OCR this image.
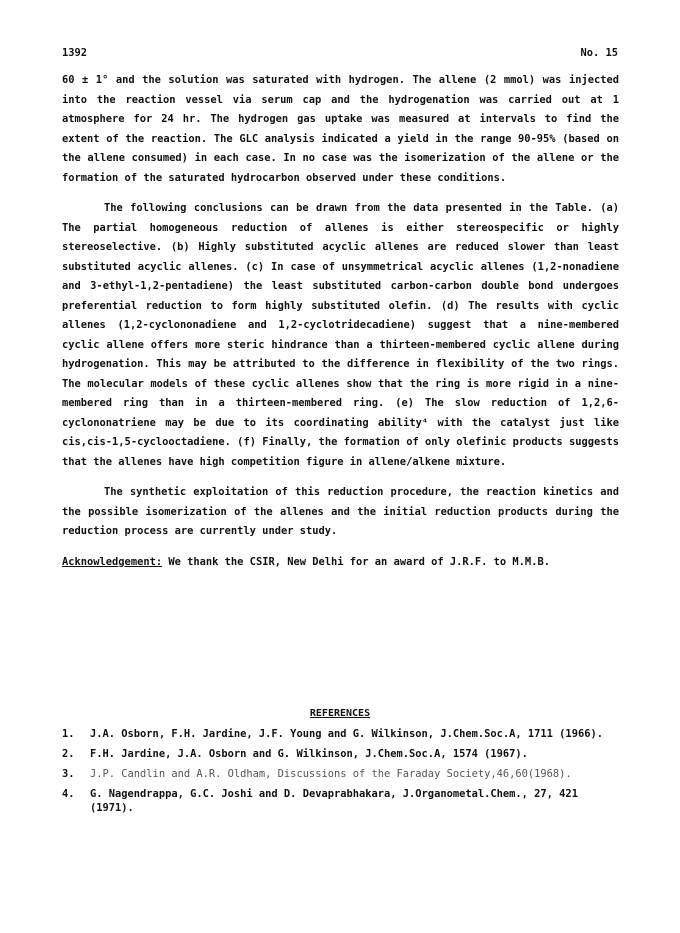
1392	No. 15

60 ± 1° and the solution was saturated with hydrogen. The allene (2 mmol) was injected into the reaction vessel via serum cap and the hydrogenation was carried out at 1 atmosphere for 24 hr. The hydrogen gas uptake was measured at intervals to find the extent of the reaction. The GLC analysis indicated a yield in the range 90-95% (based on the allene consumed) in each case. In no case was the isomerization of the allene or the formation of the saturated hydrocarbon observed under these conditions.

The following conclusions can be drawn from the data presented in the Table. (a) The partial homogeneous reduction of allenes is either stereospecific or highly stereoselective. (b) Highly substituted acyclic allenes are reduced slower than least substituted acyclic allenes. (c) In case of unsymmetrical acyclic allenes (1,2-nonadiene and 3-ethyl-1,2-pentadiene) the least substituted carbon-carbon double bond undergoes preferential reduction to form highly substituted olefin. (d) The results with cyclic allenes (1,2-cyclononadiene and 1,2-cyclotridecadiene) suggest that a nine-membered cyclic allene offers more steric hindrance than a thirteen-membered cyclic allene during hydrogenation. This may be attributed to the difference in flexibility of the two rings. The molecular models of these cyclic allenes show that the ring is more rigid in a nine-membered ring than in a thirteen-membered ring. (e) The slow reduction of 1,2,6-cyclononatriene may be due to its coordinating ability⁴ with the catalyst just like cis,cis-1,5-cyclooctadiene. (f) Finally, the formation of only olefinic products suggests that the allenes have high competition figure in allene/alkene mixture.

The synthetic exploitation of this reduction procedure, the reaction kinetics and the possible isomerization of the allenes and the initial reduction products during the reduction process are currently under study.

Acknowledgement: We thank the CSIR, New Delhi for an award of J.R.F. to M.M.B.

REFERENCES
1. J.A. Osborn, F.H. Jardine, J.F. Young and G. Wilkinson, J.Chem.Soc.A, 1711 (1966).
2. F.H. Jardine, J.A. Osborn and G. Wilkinson, J.Chem.Soc.A, 1574 (1967).
3. J.P. Candlin and A.R. Oldham, Discussions of the Faraday Society,46,60(1968).
4. G. Nagendrappa, G.C. Joshi and D. Devaprabhakara, J.Organometal.Chem., 27, 421 (1971).
